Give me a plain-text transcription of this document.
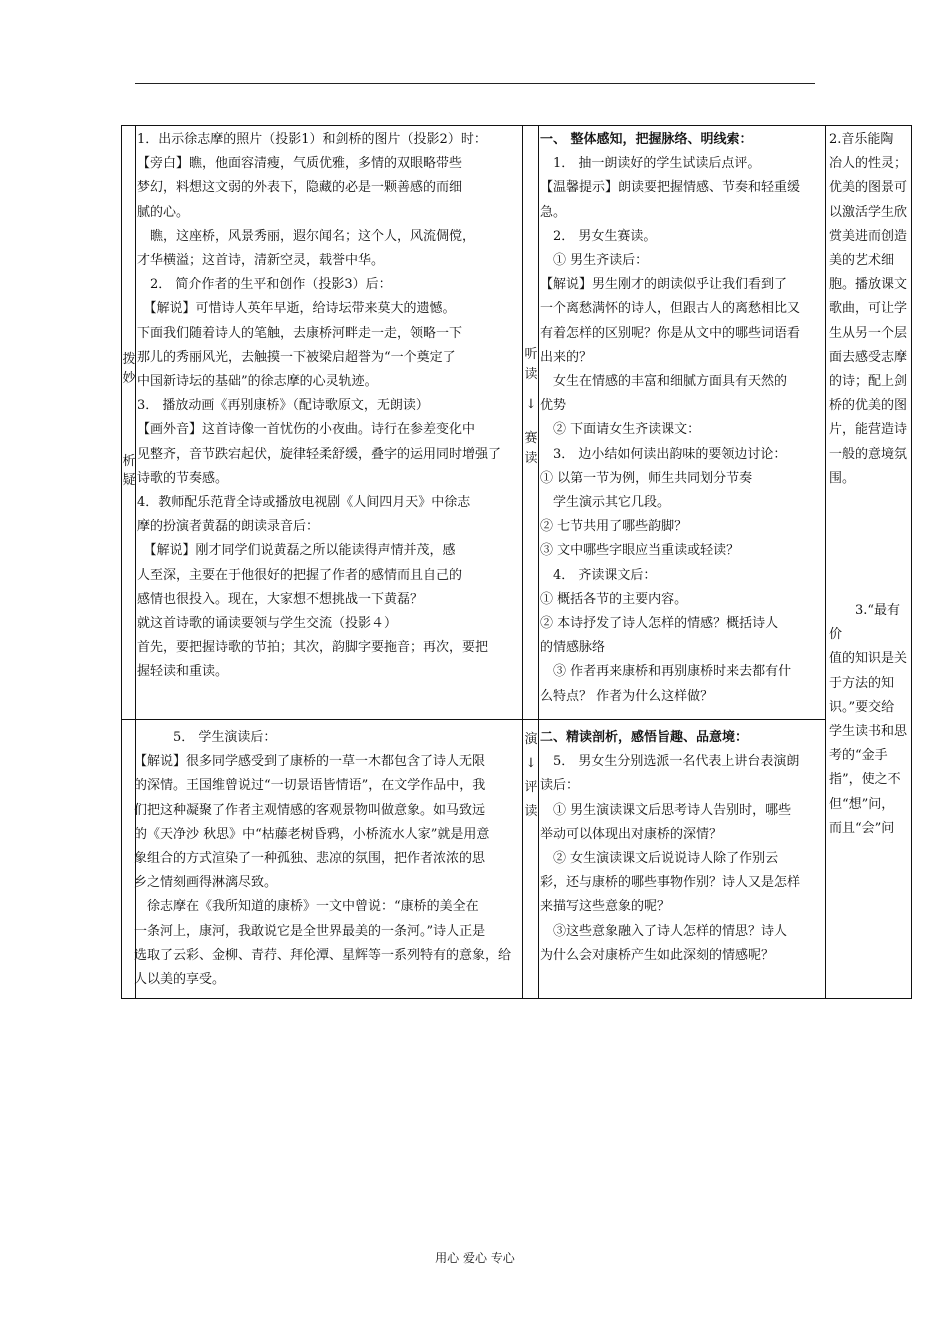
拨
妙
析
疑
听
读
↓
赛
读
演
↓
评
读

1．出示徐志摩的照片（投影1）和剑桥的图片（投影2）时：

【旁白】瞧，他面容清瘦，气质优雅，多情的双眼略带些

梦幻，料想这文弱的外表下，隐藏的必是一颗善感的而细

腻的心。

　瞧，这座桥，风景秀丽，遐尔闻名；这个人，风流倜傥，

才华横溢；这首诗，清新空灵，载誉中华。

　2． 简介作者的生平和创作（投影3）后：

　【解说】可惜诗人英年早逝，给诗坛带来莫大的遗憾。

下面我们随着诗人的笔触，去康桥河畔走一走，领略一下

那儿的秀丽风光，去触摸一下被梁启超誉为“一个奠定了

中国新诗坛的基础”的徐志摩的心灵轨迹。

3． 播放动画《再别康桥》（配诗歌原文，无朗读）

【画外音】这首诗像一首忧伤的小夜曲。诗行在参差变化中

见整齐，音节跌宕起伏，旋律轻柔舒缓，叠字的运用同时增强了

诗歌的节奏感。

4．教师配乐范背全诗或播放电视剧《人间四月天》中徐志

摩的扮演者黄磊的朗读录音后：

　【解说】刚才同学们说黄磊之所以能读得声情并茂，感

人至深，主要在于他很好的把握了作者的感情而且自己的

感情也很投入。现在，大家想不想挑战一下黄磊？

就这首诗歌的诵读要领与学生交流（投影４）

首先，要把握诗歌的节拍；其次，韵脚字要拖音；再次，要把

握轻读和重读。

　　　5． 学生演读后：

【解说】很多同学感受到了康桥的一草一木都包含了诗人无限

的深情。王国维曾说过“一切景语皆情语”，在文学作品中，我

们把这种凝聚了作者主观情感的客观景物叫做意象。如马致远

的《天净沙 秋思》中“枯藤老树昏鸦，小桥流水人家”就是用意

象组合的方式渲染了一种孤独、悲凉的氛围，把作者浓浓的思

乡之情刻画得淋漓尽致。

　徐志摩在《我所知道的康桥》一文中曾说：“康桥的美全在

一条河上，康河，我敢说它是全世界最美的一条河。”诗人正是

选取了云彩、金柳、青荇、拜伦潭、星辉等一系列特有的意象，给

人以美的享受。

一、 整体感知，把握脉络、明线索：

　1． 抽一朗读好的学生试读后点评。

【温馨提示】朗读要把握情感、节奏和轻重缓

急。

　2． 男女生赛读。

　① 男生齐读后：

【解说】男生刚才的朗读似乎让我们看到了

一个离愁满怀的诗人，但跟古人的离愁相比又

有着怎样的区别呢？你是从文中的哪些词语看

出来的？

　女生在情感的丰富和细腻方面具有天然的

优势

　② 下面请女生齐读课文：

　3． 边小结如何读出韵味的要领边讨论：

① 以第一节为例，师生共同划分节奏

　学生演示其它几段。

② 七节共用了哪些韵脚？

③ 文中哪些字眼应当重读或轻读？

　4． 齐读课文后：

① 概括各节的主要内容。

② 本诗抒发了诗人怎样的情感？概括诗人

的情感脉络

　③ 作者再来康桥和再别康桥时来去都有什

么特点？ 作者为什么这样做？

二、精读剖析，感悟旨趣、品意境：

　5． 男女生分别选派一名代表上讲台表演朗

读后：

　① 男生演读课文后思考诗人告别时，哪些

举动可以体现出对康桥的深情？

　② 女生演读课文后说说诗人除了作别云

彩，还与康桥的哪些事物作别？诗人又是怎样

来描写这些意象的呢？

　③这些意象融入了诗人怎样的情思？诗人

为什么会对康桥产生如此深刻的情感呢？

2.音乐能陶

冶人的性灵；

优美的图景可

以激活学生欣

赏美进而创造

美的艺术细

胞。播放课文

歌曲，可让学

生从另一个层

面去感受志摩

的诗；配上剑

桥的优美的图

片，能营造诗

一般的意境氛

围。

　　3.“最有价

值的知识是关

于方法的知

识。”要交给

学生读书和思

考的“金手

指”，使之不

但“想”问，

而且“会”问

用心 爱心 专心
